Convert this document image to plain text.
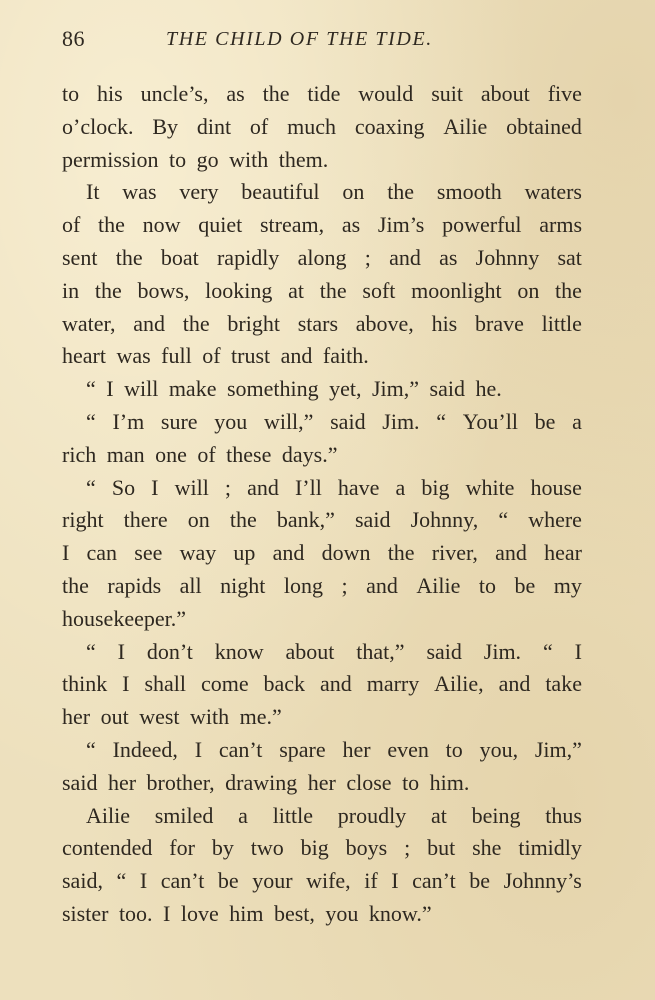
86	THE CHILD OF THE TIDE.
to his uncle’s, as the tide would suit about five
o’clock. By dint of much coaxing Ailie obtained
permission to go with them.
It was very beautiful on the smooth waters
of the now quiet stream, as Jim’s powerful arms
sent the boat rapidly along ; and as Johnny sat
in the bows, looking at the soft moonlight on the
water, and the bright stars above, his brave little
heart was full of trust and faith.
“ I will make something yet, Jim,” said he.
“ I’m sure you will,” said Jim. “ You’ll be a
rich man one of these days.”
“ So I will ; and I’ll have a big white house
right there on the bank,” said Johnny, “ where
I can see way up and down the river, and hear
the rapids all night long ; and Ailie to be my
housekeeper.”
“ I don’t know about that,” said Jim. “ I
think I shall come back and marry Ailie, and take
her out west with me.”
“ Indeed, I can’t spare her even to you, Jim,”
said her brother, drawing her close to him.
Ailie smiled a little proudly at being thus
contended for by two big boys ; but she timidly
said, “ I can’t be your wife, if I can’t be Johnny’s
sister too. I love him best, you know.”
